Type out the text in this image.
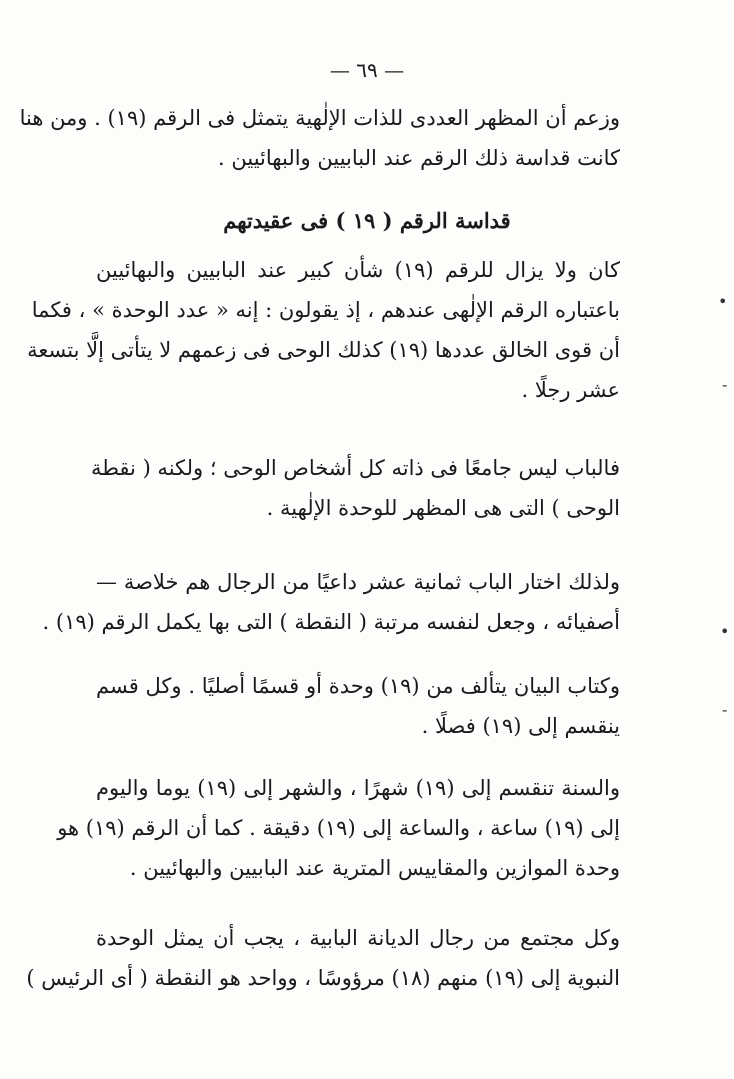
— ٦٩ —
وزعم أن المظهر العددى للذات الإلٰهية يتمثل فى الرقم (١٩) . ومن هنا
كانت قداسة ذلك الرقم عند البابيين والبهائيين .
قداسة الرقم ( ١٩ ) فى عقيدتهم
كان ولا يزال للرقم (١٩) شأن كبير عند البابيين والبهائيين
باعتباره الرقم الإلٰهى عندهم ، إذ يقولون : إنه « عدد الوحدة » ، فكما
أن قوى الخالق عددها (١٩) كذلك الوحى فى زعمهم لا يتأتى إلَّا بتسعة
عشر رجلًا .
فالباب ليس جامعًا فى ذاته كل أشخاص الوحى ؛ ولكنه ( نقطة
الوحى ) التى هى المظهر للوحدة الإلٰهية .
ولذلك اختار الباب ثمانية عشر داعيًا من الرجال هم خلاصة —
أصفيائه ، وجعل لنفسه مرتبة ( النقطة ) التى بها يكمل الرقم (١٩) .
وكتاب البيان يتألف من (١٩) وحدة أو قسمًا أصليًا . وكل قسم
ينقسم إلى (١٩) فصلًا .
والسنة تنقسم إلى (١٩) شهرًا ، والشهر إلى (١٩) يوما واليوم
إلى (١٩) ساعة ، والساعة إلى (١٩) دقيقة . كما أن الرقم (١٩) هو
وحدة الموازين والمقاييس المترية عند البابيين والبهائيين .
وكل مجتمع من رجال الديانة البابية ، يجب أن يمثل الوحدة
النبوية إلى (١٩) منهم (١٨) مرؤوسًا ، وواحد هو النقطة ( أى الرئيس )
•
-
•
-
